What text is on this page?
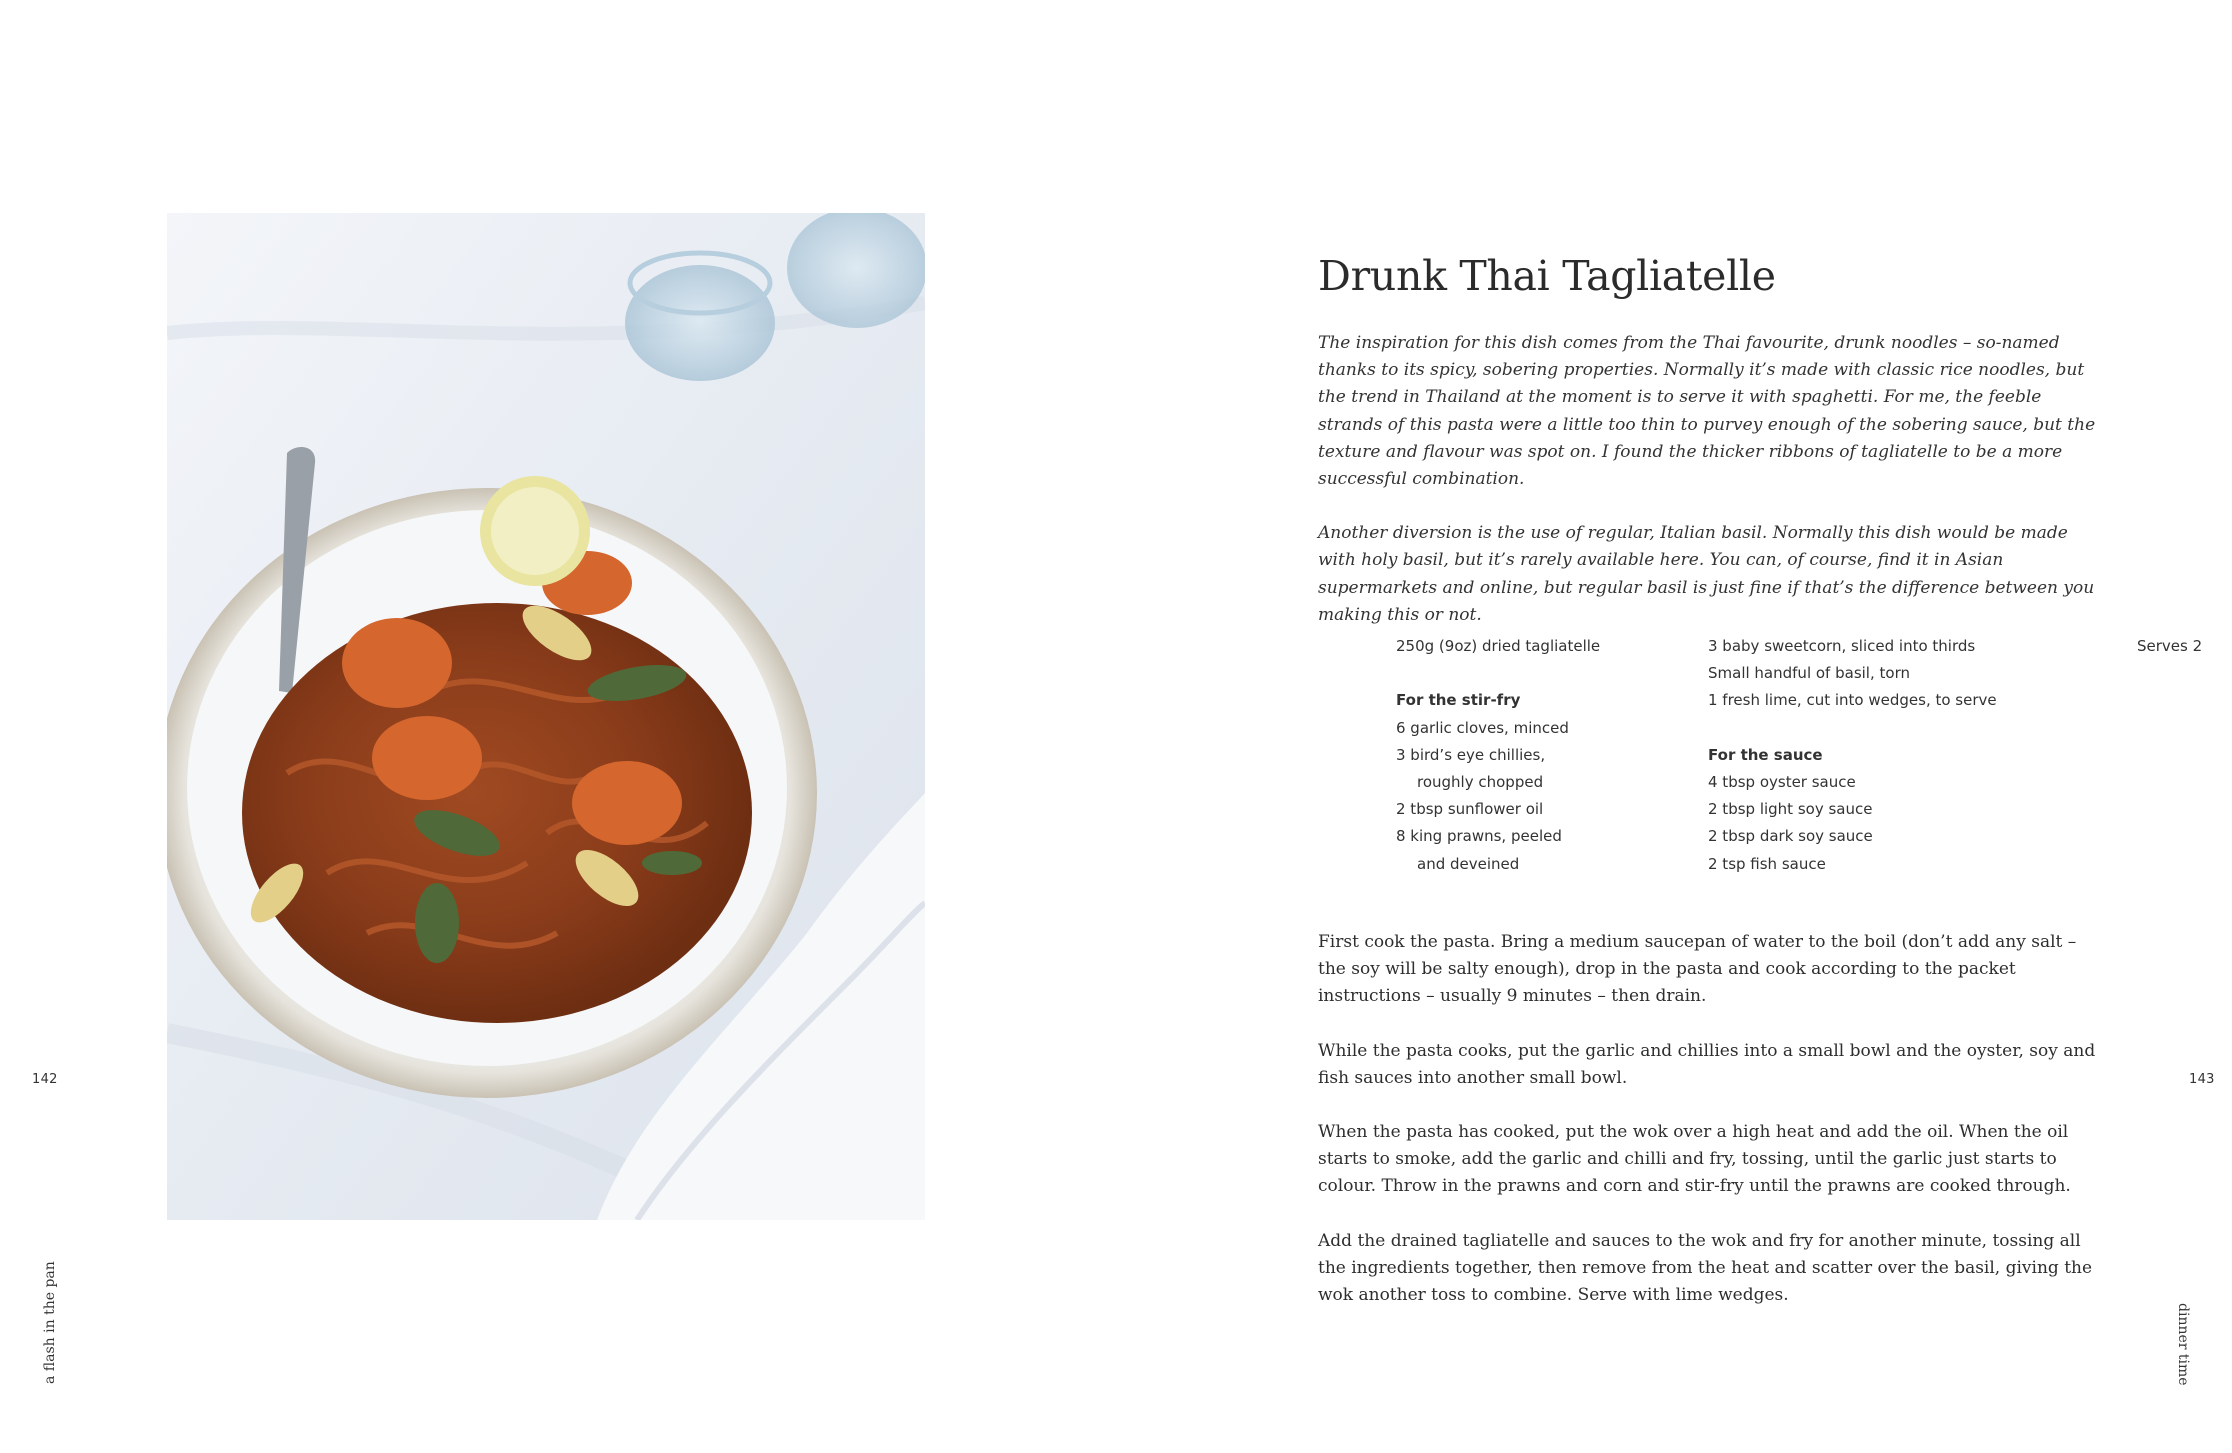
142
a flash in the pan
Drunk Thai Tagliatelle

The inspiration for this dish comes from the Thai favourite, drunk noodles – so-named thanks to its spicy, sobering properties. Normally it’s made with classic rice noodles, but the trend in Thailand at the moment is to serve it with spaghetti. For me, the feeble strands of this pasta were a little too thin to purvey enough of the sobering sauce, but the texture and flavour was spot on. I found the thicker ribbons of tagliatelle to be a more successful combination.

Another diversion is the use of regular, Italian basil. Normally this dish would be made with holy basil, but it’s rarely available here. You can, of course, find it in Asian supermarkets and online, but regular basil is just fine if that’s the difference between you making this or not.

250g (9oz) dried tagliatelle
For the stir-fry
6 garlic cloves, minced
3 bird’s eye chillies,
roughly chopped
2 tbsp sunflower oil
8 king prawns, peeled
and deveined
3 baby sweetcorn, sliced into thirds
Small handful of basil, torn
1 fresh lime, cut into wedges, to serve
For the sauce
4 tbsp oyster sauce
2 tbsp light soy sauce
2 tbsp dark soy sauce
2 tsp fish sauce
Serves 2

First cook the pasta. Bring a medium saucepan of water to the boil (don’t add any salt – the soy will be salty enough), drop in the pasta and cook according to the packet instructions – usually 9 minutes – then drain.

While the pasta cooks, put the garlic and chillies into a small bowl and the oyster, soy and fish sauces into another small bowl.

When the pasta has cooked, put the wok over a high heat and add the oil. When the oil starts to smoke, add the garlic and chilli and fry, tossing, until the garlic just starts to colour. Throw in the prawns and corn and stir-fry until the prawns are cooked through.

Add the drained tagliatelle and sauces to the wok and fry for another minute, tossing all the ingredients together, then remove from the heat and scatter over the basil, giving the wok another toss to combine. Serve with lime wedges.

143
dinner time
